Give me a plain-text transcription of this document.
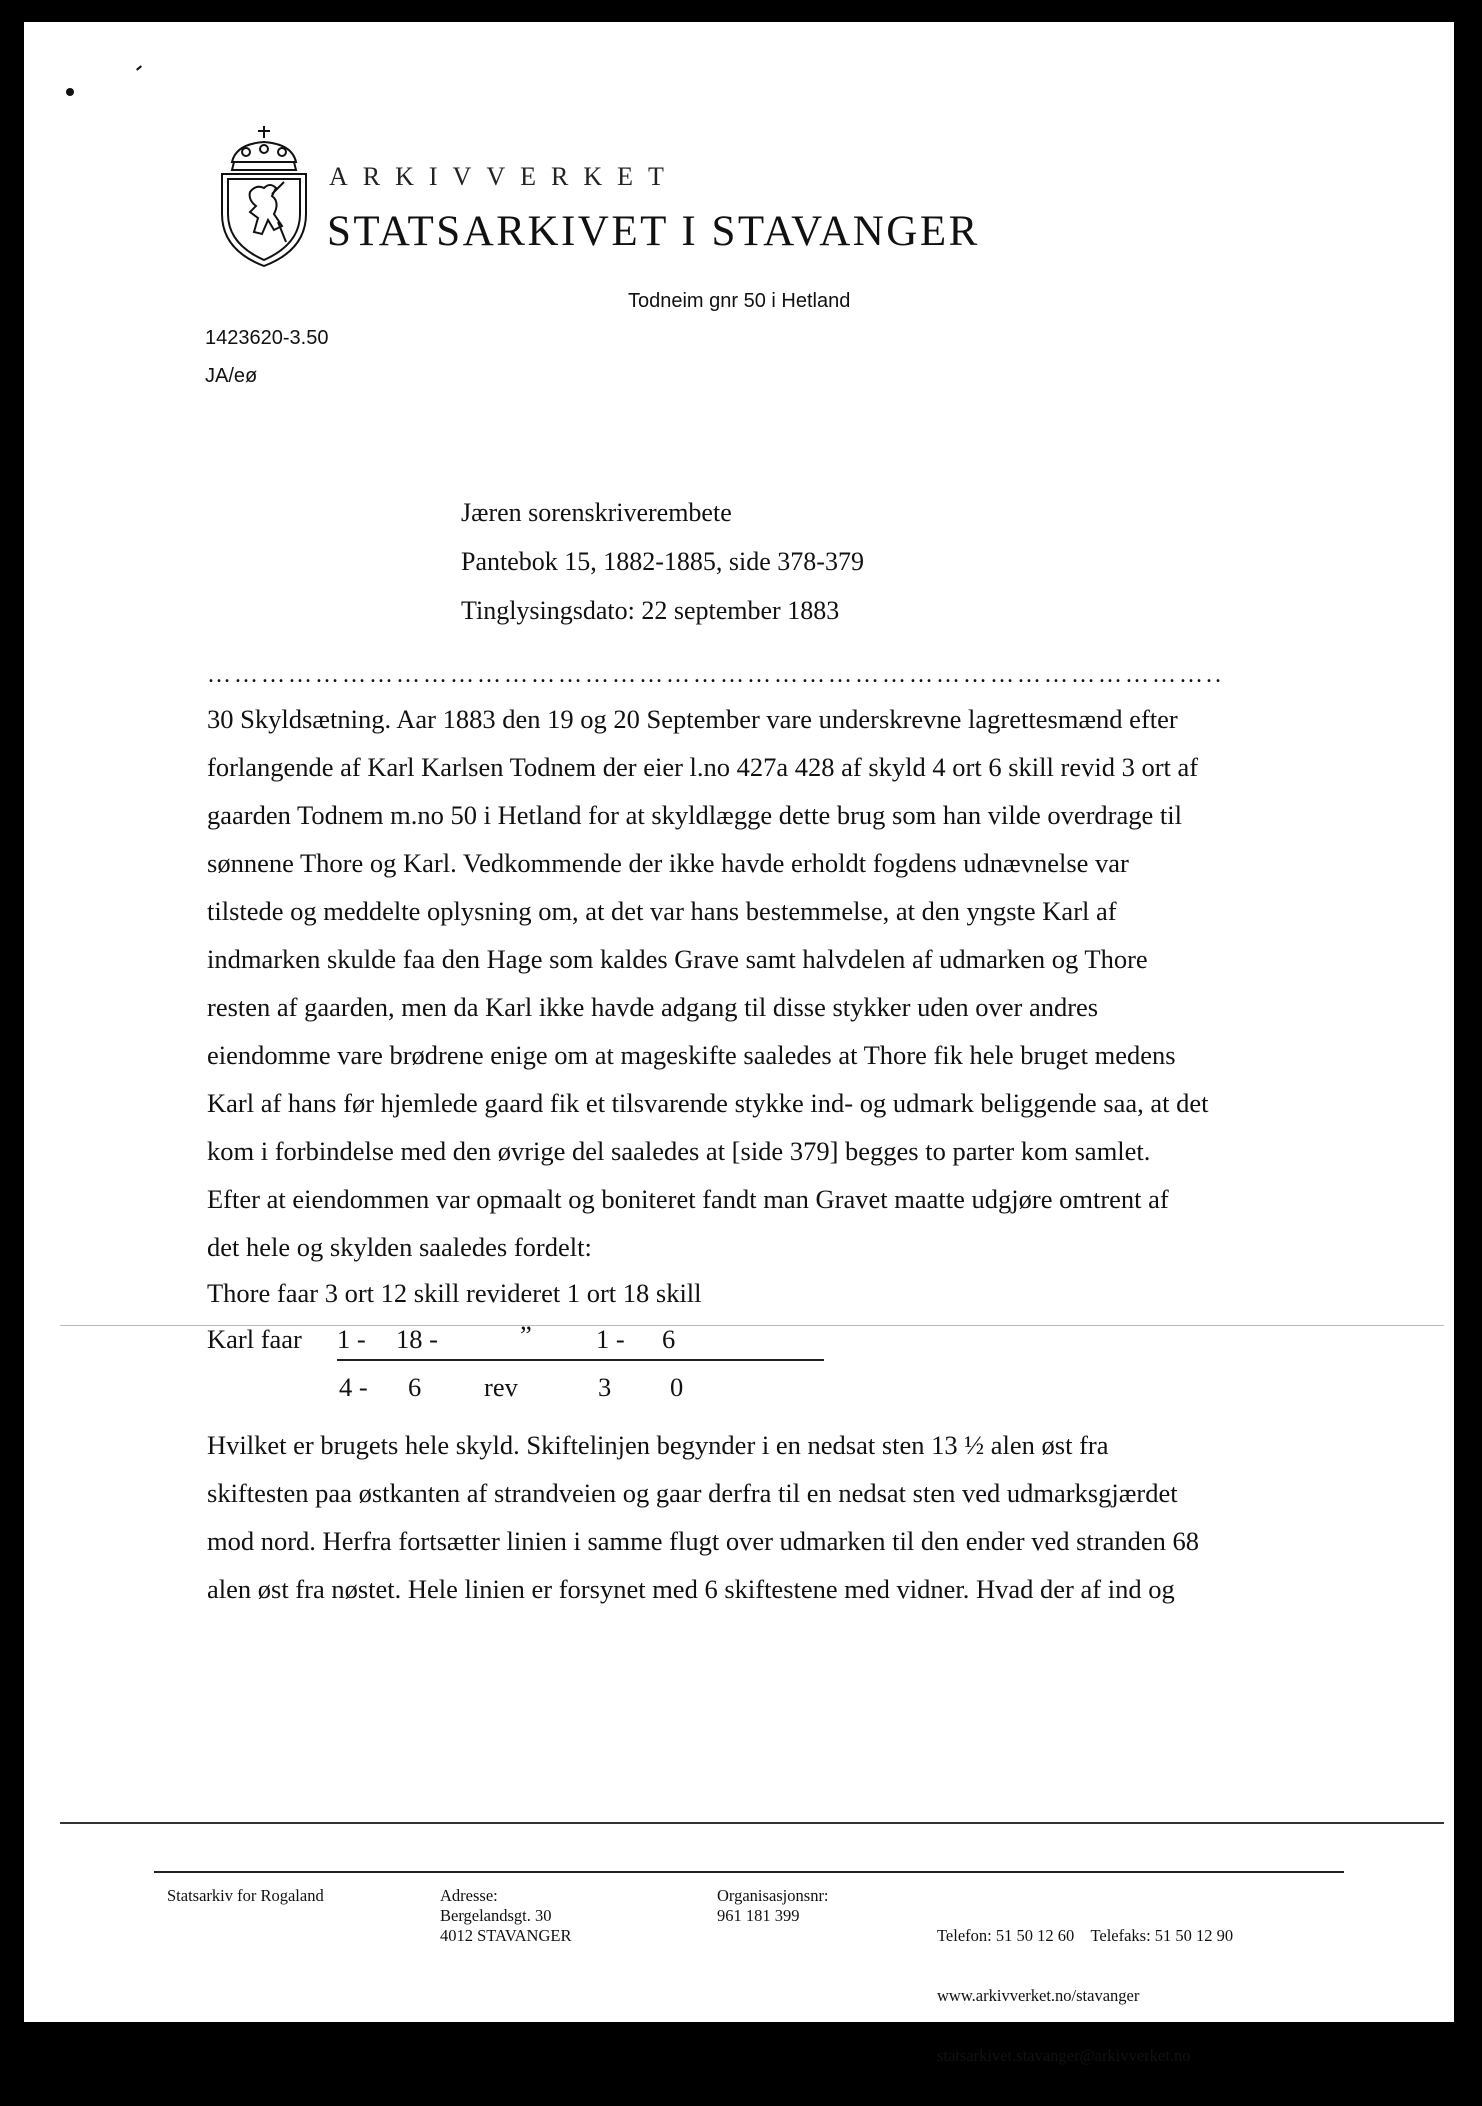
ARKIVVERKET
STATSARKIVET I STAVANGER
Todneim gnr 50 i Hetland
1423620-3.50
JA/eø
Jæren sorenskriverembete
Pantebok 15, 1882-1885, side 378-379
Tinglysingsdato: 22 september 1883
…………………………………………………………………………………………………..
30 Skyldsætning. Aar 1883 den 19 og 20 September vare underskrevne lagrettesmænd efter
forlangende af Karl Karlsen Todnem der eier l.no 427a 428 af skyld 4 ort 6 skill revid 3 ort af
gaarden Todnem m.no 50 i Hetland for at skyldlægge dette brug som han vilde overdrage til
sønnene Thore og Karl. Vedkommende der ikke havde erholdt fogdens udnævnelse var
tilstede og meddelte oplysning om, at det var hans bestemmelse, at den yngste Karl af
indmarken skulde faa den Hage som kaldes Grave samt halvdelen af udmarken og Thore
resten af gaarden, men da Karl ikke havde adgang til disse stykker uden over andres
eiendomme vare brødrene enige om at mageskifte saaledes at Thore fik hele bruget medens
Karl af hans før hjemlede gaard fik et tilsvarende stykke ind- og udmark beliggende saa, at det
kom i forbindelse med den øvrige del saaledes at [side 379] begges to parter kom samlet.
Efter at eiendommen var opmaalt og boniteret fandt man Gravet maatte udgjøre omtrent af
det hele og skylden saaledes fordelt:
Thore faar 3 ort 12 skill revideret 1 ort 18 skill
Karl faar 1 - 18 -	” 1 - 6
4 - 6 rev	3 0
Hvilket er brugets hele skyld. Skiftelinjen begynder i en nedsat sten 13 ½ alen øst fra
skiftesten paa østkanten af strandveien og gaar derfra til en nedsat sten ved udmarksgjærdet
mod nord. Herfra fortsætter linien i samme flugt over udmarken til den ender ved stranden 68
alen øst fra nøstet. Hele linien er forsynet med 6 skiftestene med vidner. Hvad der af ind og
Statsarkiv for Rogaland	Adresse:
Bergelandsgt. 30
4012 STAVANGER
Organisasjonsnr:
961 181 399

Telefon: 51 50 12 60    Telefaks: 51 50 12 90

www.arkivverket.no/stavanger

statsarkivet.stavanger@arkivverket.no
